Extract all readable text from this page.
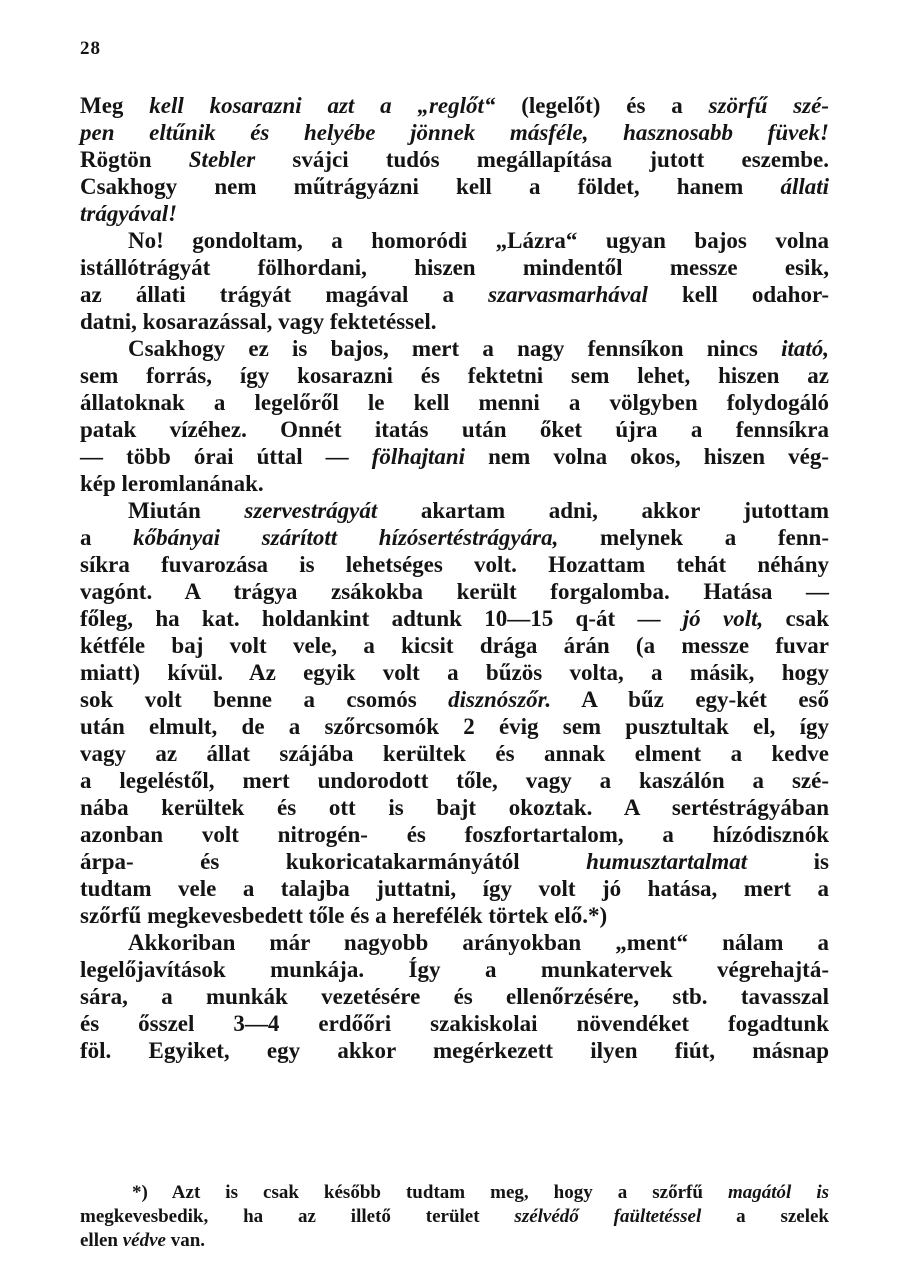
28
Meg kell kosarazni azt a „reglőt“ (legelőt) és a szörfű szé-
pen eltűnik és helyébe jönnek másféle, hasznosabb füvek!
Rögtön Stebler svájci tudós megállapítása jutott eszembe.
Csakhogy nem műtrágyázni kell a földet, hanem állati
trágyával!
No! gondoltam, a homoródi „Lázra“ ugyan bajos volna
istállótrágyát fölhordani, hiszen mindentől messze esik,
az állati trágyát magával a szarvasmarhával kell odahor-
datni, kosarazással, vagy fektetéssel.
Csakhogy ez is bajos, mert a nagy fennsíkon nincs itató,
sem forrás, így kosarazni és fektetni sem lehet, hiszen az
állatoknak a legelőről le kell menni a völgyben folydogáló
patak vízéhez. Onnét itatás után őket újra a fennsíkra
— több órai úttal — fölhajtani nem volna okos, hiszen vég-
kép leromlanának.
Miután szervestrágyát akartam adni, akkor jutottam
a kőbányai szárított hízósertéstrágyára, melynek a fenn-
síkra fuvarozása is lehetséges volt. Hozattam tehát néhány
vagónt. A trágya zsákokba került forgalomba. Hatása —
főleg, ha kat. holdankint adtunk 10—15 q-át — jó volt, csak
kétféle baj volt vele, a kicsit drága árán (a messze fuvar
miatt) kívül. Az egyik volt a bűzös volta, a másik, hogy
sok volt benne a csomós disznószőr. A bűz egy-két eső
után elmult, de a szőrcsomók 2 évig sem pusztultak el, így
vagy az állat szájába kerültek és annak elment a kedve
a legeléstől, mert undorodott tőle, vagy a kaszálón a szé-
nába kerültek és ott is bajt okoztak. A sertéstrágyában
azonban volt nitrogén- és foszfortartalom, a hízódisznók
árpa- és kukoricatakarmányától humusztartalmat is
tudtam vele a talajba juttatni, így volt jó hatása, mert a
szőrfű megkevesbedett tőle és a herefélék törtek elő.*)
Akkoriban már nagyobb arányokban „ment“ nálam a
legelőjavítások munkája. Így a munkatervek végrehajtá-
sára, a munkák vezetésére és ellenőrzésére, stb. tavasszal
és ősszel 3—4 erdőőri szakiskolai növendéket fogadtunk
föl. Egyiket, egy akkor megérkezett ilyen fiút, másnap
*) Azt is csak később tudtam meg, hogy a szőrfű magától is
megkevesbedik, ha az illető terület szélvédő faültetéssel a szelek
ellen védve van.
